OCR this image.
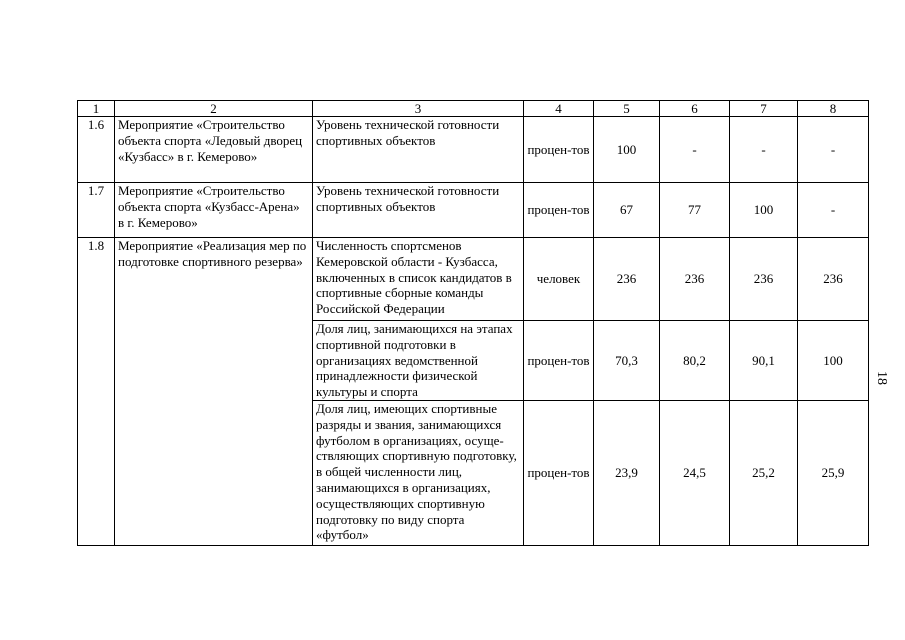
1	2	3	4	5	6	7	8
1.6	Мероприятие «Строительство объекта спорта «Ледовый дворец «Кузбасс» в г. Кемерово»	Уровень технической готовности спортивных объектов	процен-тов	100	-	-	-
1.7	Мероприятие «Строительство объекта спорта «Кузбасс-Арена» в г. Кемерово»	Уровень технической готовности спортивных объектов	процен-тов	67	77	100	-
1.8	Мероприятие «Реализация мер по подготовке спортивного резерва»	Численность спортсменов Кемеровской области - Кузбасса, включенных в список кандидатов в спортивные сборные команды Российской Федерации	человек	236	236	236	236
		Доля лиц, занимающихся на этапах спортивной подготовки в организациях ведомственной принадлежности физической культуры и спорта	процен-тов	70,3	80,2	90,1	100
		Доля лиц, имеющих спортивные разряды и звания, занимающихся футболом в организациях, осуще-ствляющих спортивную подготовку, в общей численности лиц, занимающихся в организациях, осуществляющих спортивную подготовку по виду спорта «футбол»	процен-тов	23,9	24,5	25,2	25,9
18
